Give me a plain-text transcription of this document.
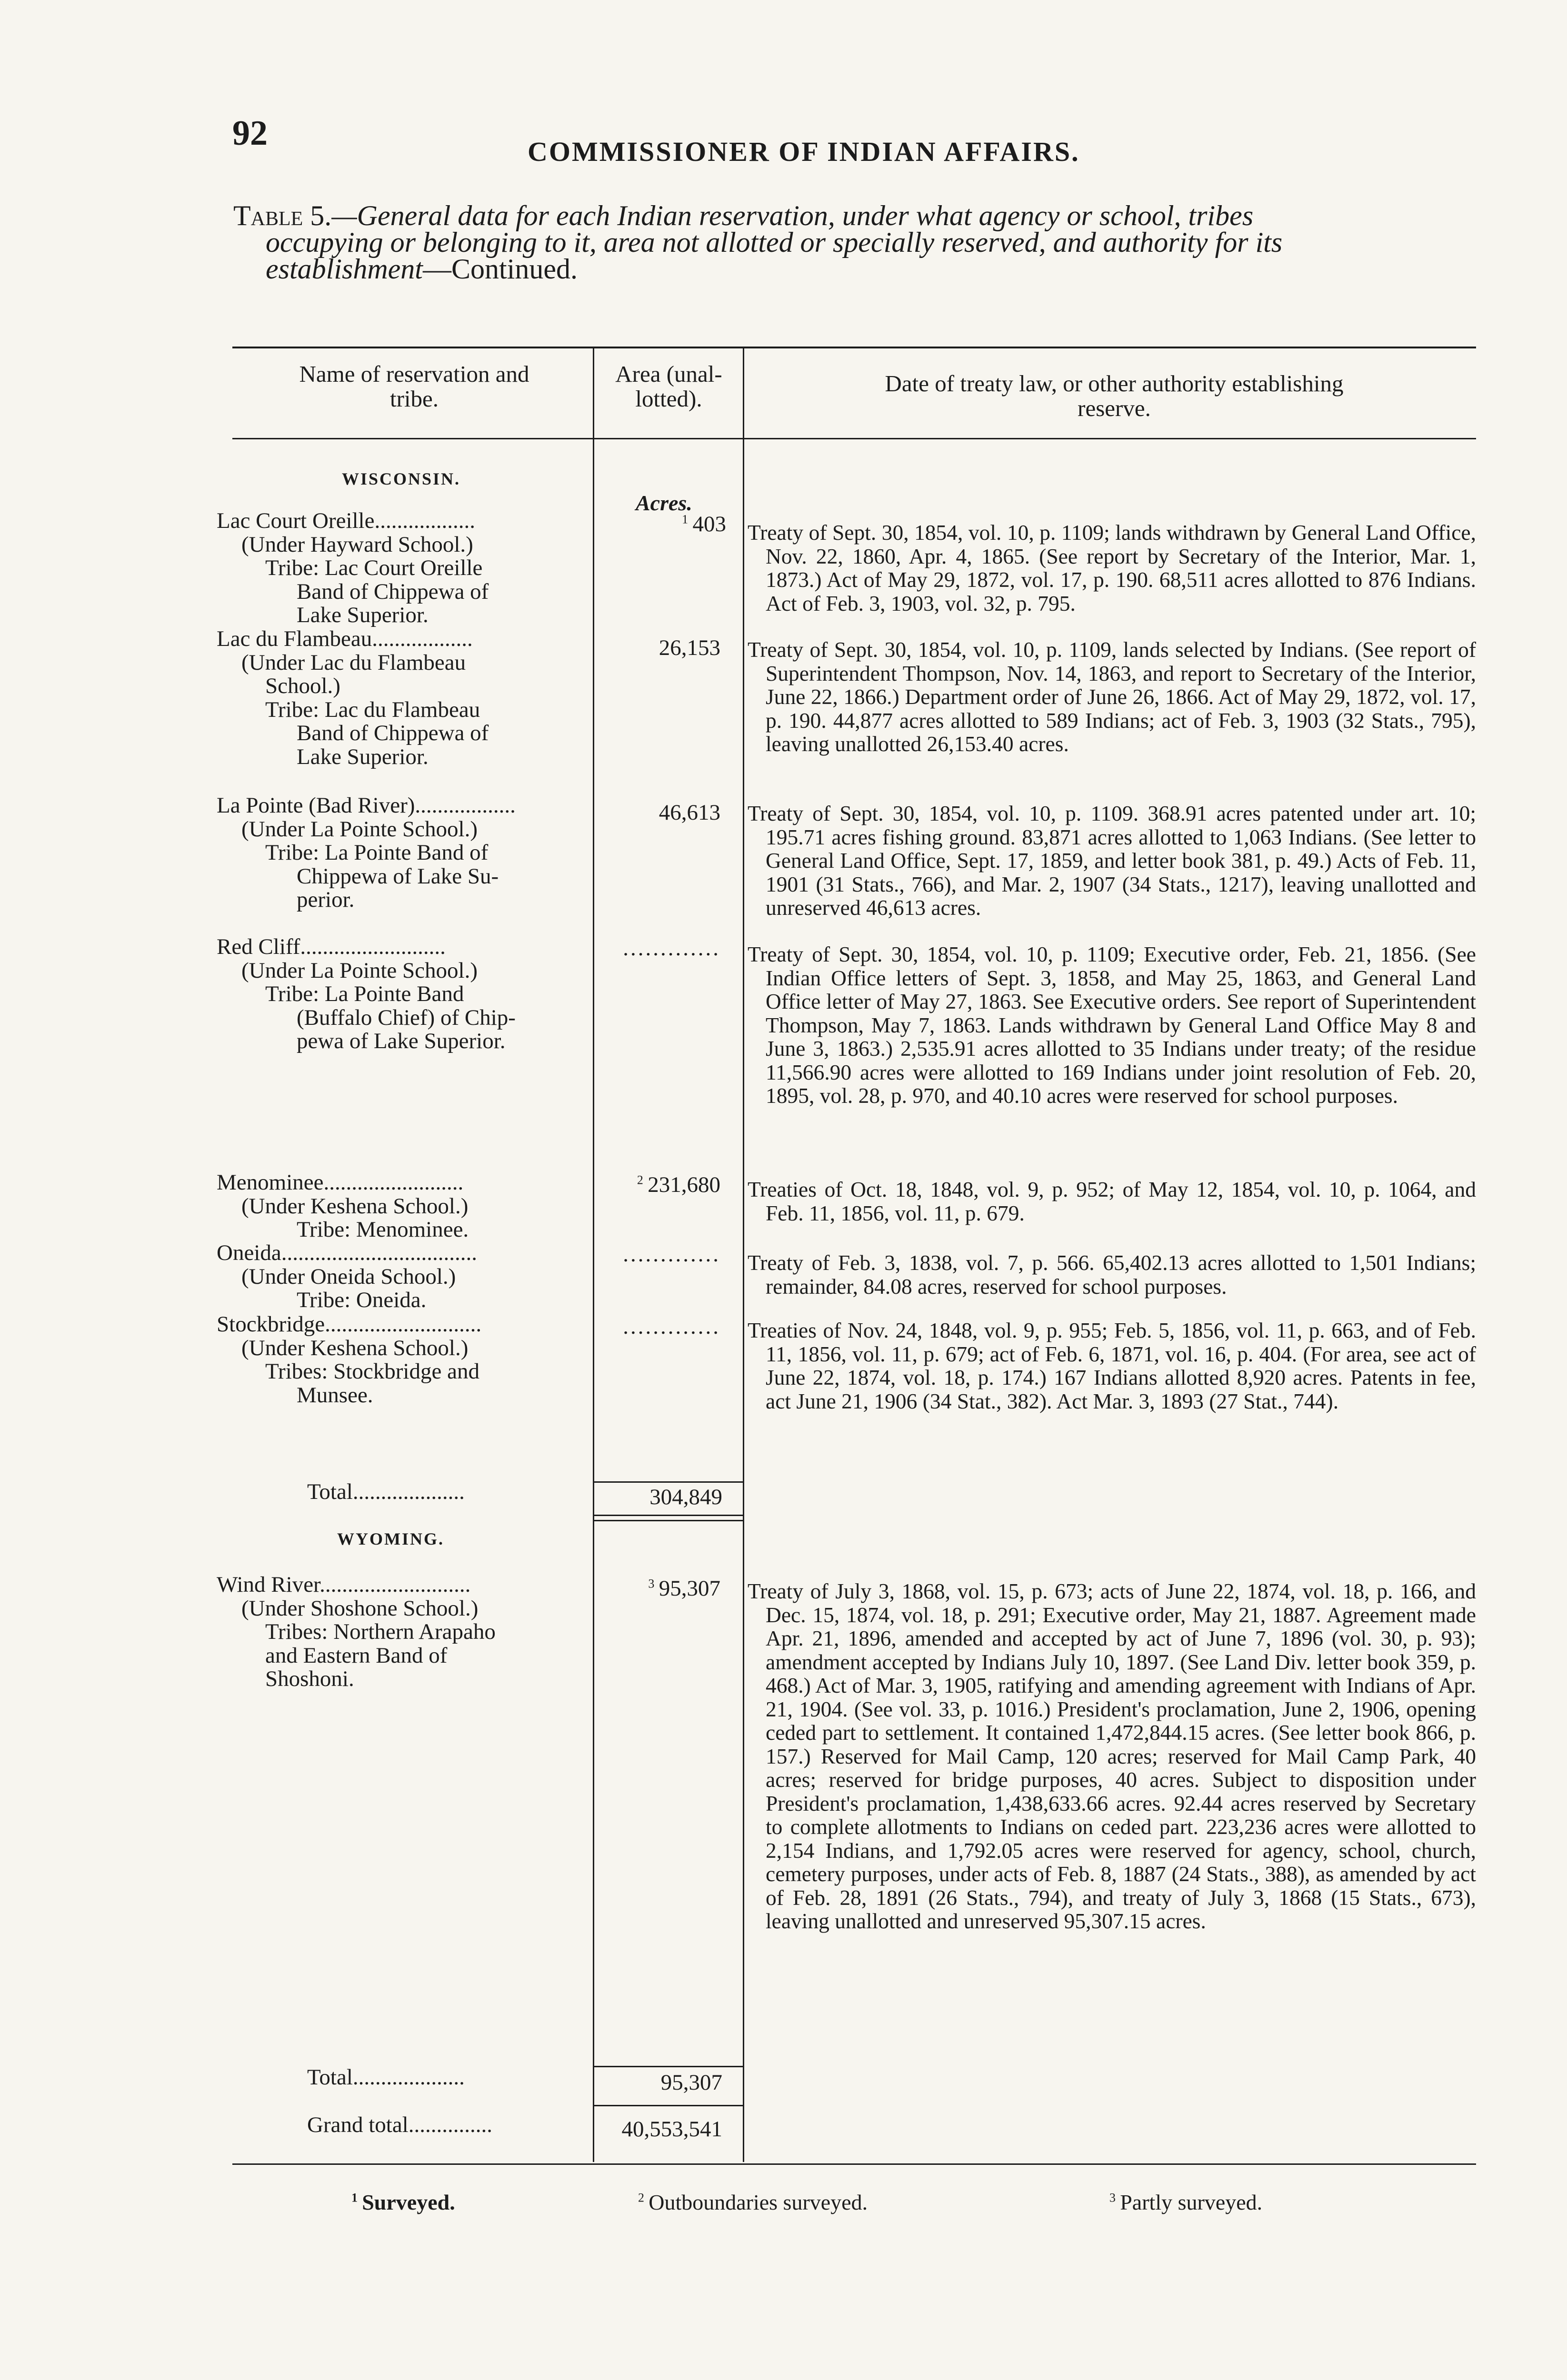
92	COMMISSIONER OF INDIAN AFFAIRS.

Table 5.—General data for each Indian reservation, under what agency or school, tribes

occupying or belonging to it, area not allotted or specially reserved, and authority for its

establishment—Continued.

Name of reservation and
tribe.
Area (unal-
lotted).
Date of treaty law, or other authority establishing
reserve.
WISCONSIN.
Acres.
Lac Court Oreille..................
(Under Hayward School.)
Tribe: Lac Court Oreille
Band of Chippewa of
Lake Superior.
$^1$  403 Treaty of Sept. 30, 1854, vol. 10, p. 1109; lands withdrawn by General Land Office, Nov. 22, 1860, Apr. 4, 1865. (See report by Secretary of the Interior, Mar. 1, 1873.) Act of May 29, 1872, vol. 17, p. 190. 68,511 acres allotted to 876 Indians. Act of Feb. 3, 1903, vol. 32, p. 795.

Lac du Flambeau..................
(Under Lac du Flambeau
School.)
Tribe: Lac du Flambeau
Band of Chippewa of
Lake Superior.
26,153 Treaty of Sept. 30, 1854, vol. 10, p. 1109, lands selected by Indians. (See report of Superintendent Thompson, Nov. 14, 1863, and report to Secretary of the Interior, June 22, 1866.) Department order of June 26, 1866. Act of May 29, 1872, vol. 17, p. 190. 44,877 acres allotted to 589 Indians; act of Feb. 3, 1903 (32 Stats., 795), leaving unallotted 26,153.40 acres.

La Pointe (Bad River)..................
(Under La Pointe School.)
Tribe: La Pointe Band of
Chippewa of Lake Su-
perior.
46,613 Treaty of Sept. 30, 1854, vol. 10, p. 1109. 368.91 acres patented under art. 10; 195.71 acres fishing ground. 83,871 acres allotted to 1,063 Indians. (See letter to General Land Office, Sept. 17, 1859, and letter book 381, p. 49.) Acts of Feb. 11, 1901 (31 Stats., 766), and Mar. 2, 1907 (34 Stats., 1217), leaving unallotted and unreserved 46,613 acres.

Red Cliff..........................
(Under La Pointe School.)
Tribe: La Pointe Band
(Buffalo Chief) of Chip-
pewa of Lake Superior.
............. Treaty of Sept. 30, 1854, vol. 10, p. 1109; Executive order, Feb. 21, 1856. (See Indian Office letters of Sept. 3, 1858, and May 25, 1863, and General Land Office letter of May 27, 1863. See Executive orders. See report of Superintendent Thompson, May 7, 1863. Lands withdrawn by General Land Office May 8 and June 3, 1863.) 2,535.91 acres allotted to 35 Indians under treaty; of the residue 11,566.90 acres were allotted to 169 Indians under joint resolution of Feb. 20, 1895, vol. 28, p. 970, and 40.10 acres were reserved for school purposes.

Menominee.........................
(Under Keshena School.)
Tribe: Menominee.
$^2$  231,680 Treaties of Oct. 18, 1848, vol. 9, p. 952; of May 12, 1854, vol. 10, p. 1064, and Feb. 11, 1856, vol. 11, p. 679.

Oneida...................................
(Under Oneida School.)
Tribe: Oneida.
............. Treaty of Feb. 3, 1838, vol. 7, p. 566. 65,402.13 acres allotted to 1,501 Indians; remainder, 84.08 acres, reserved for school purposes.

Stockbridge............................
(Under Keshena School.)
Tribes: Stockbridge and
Munsee.
............. Treaties of Nov. 24, 1848, vol. 9, p. 955; Feb. 5, 1856, vol. 11, p. 663, and of Feb. 11, 1856, vol. 11, p. 679; act of Feb. 6, 1871, vol. 16, p. 404. (For area, see act of June 22, 1874, vol. 18, p. 174.) 167 Indians allotted 8,920 acres. Patents in fee, act June 21, 1906 (34 Stat., 382). Act Mar. 3, 1893 (27 Stat., 744).

Total....................	304,849
WYOMING.
Wind River...........................
(Under Shoshone School.)
Tribes: Northern Arapaho
and Eastern Band of
Shoshoni.
$^3$  95,307 Treaty of July 3, 1868, vol. 15, p. 673; acts of June 22, 1874, vol. 18, p. 166, and Dec. 15, 1874, vol. 18, p. 291; Executive order, May 21, 1887. Agreement made Apr. 21, 1896, amended and accepted by act of June 7, 1896 (vol. 30, p. 93); amendment accepted by Indians July 10, 1897. (See Land Div. letter book 359, p. 468.) Act of Mar. 3, 1905, ratifying and amending agreement with Indians of Apr. 21, 1904. (See vol. 33, p. 1016.) President's proclamation, June 2, 1906, opening ceded part to settlement. It contained 1,472,844.15 acres. (See letter book 866, p. 157.) Reserved for Mail Camp, 120 acres; reserved for Mail Camp Park, 40 acres; reserved for bridge purposes, 40 acres. Subject to disposition under President's proclamation, 1,438,633.66 acres. 92.44 acres reserved by Secretary to complete allotments to Indians on ceded part. 223,236 acres were allotted to 2,154 Indians, and 1,792.05 acres were reserved for agency, school, church, cemetery purposes, under acts of Feb. 8, 1887 (24 Stats., 388), as amended by act of Feb. 28, 1891 (26 Stats., 794), and treaty of July 3, 1868 (15 Stats., 673), leaving unallotted and unreserved 95,307.15 acres.

Total....................	95,307
Grand total...............	40,553,541
$^1$  Surveyed.	$^2$  Outboundaries surveyed.	$^3$  Partly surveyed.
